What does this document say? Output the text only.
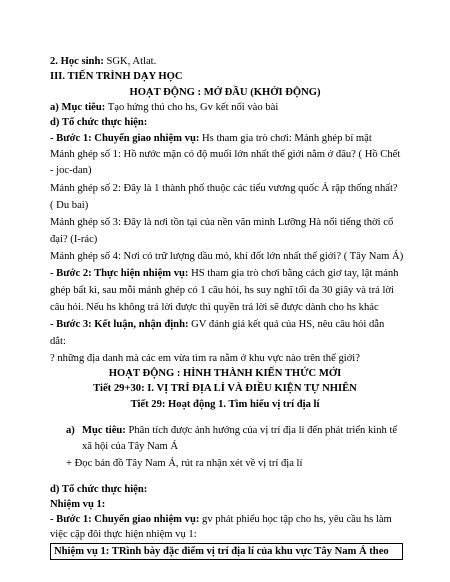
2. Học sinh: SGK, Atlat.
III. TIẾN TRÌNH DẠY HỌC
HOẠT ĐỘNG : MỞ ĐẦU (KHỞI ĐỘNG)
a) Mục tiêu: Tạo hứng thú cho hs, Gv kết nối vào bài
d) Tổ chức thực hiện:
- Bước 1: Chuyển giao nhiệm vụ: Hs tham gia trò chơi: Mảnh ghép bí mật
Mảnh ghép số 1: Hồ nước mặn có độ muối lớn nhất thế giới nằm ở đâu? ( Hồ Chết
- joc-dan)
Mảnh ghép số 2: Đây là 1 thành phố thuộc các tiểu vương quốc Ả rập thống nhất?
( Du bai)
Mảnh ghép số 3: Đây là nơi tồn tại của nền văn minh Lưỡng Hà nổi tiếng thời cổ
đại? (I-rác)
Mảnh ghép số 4: Nơi có trữ lượng dầu mỏ, khí đốt lớn nhất thế giới? ( Tây Nam Á)
- Bước 2: Thực hiện nhiệm vụ: HS tham gia trò chơi bằng cách giơ tay, lật mảnh
ghép bất kì, sau mỗi mảnh ghép có 1 câu hỏi, hs suy nghĩ tối đa 30 giây và trả lời
câu hỏi. Nếu hs không trả lời được thì quyền trả lời sẽ được dành cho hs khác
- Bước 3: Kết luận, nhận định: GV đánh giá kết quả của HS, nêu câu hỏi dẫn
dắt:
? những địa danh mà các em vừa tìm ra nằm ở khu vực nào trên thế giới?
HOẠT ĐỘNG : HÌNH THÀNH KIẾN THỨC MỚI
Tiết 29+30: I. VỊ TRÍ ĐỊA LÍ VÀ ĐIỀU KIỆN TỰ NHIÊN
Tiết 29: Hoạt động 1. Tìm hiểu vị trí địa lí
a) Mục tiêu: Phân tích được ảnh hưởng của vị trí địa lí đến phát triển kinh tế
xã hội của Tây Nam Á
+ Đọc bản đồ Tây Nam Á, rút ra nhận xét về vị trí địa lí
d) Tổ chức thực hiện:
Nhiệm vụ 1:
- Bước 1: Chuyển giao nhiệm vụ: gv phát phiếu học tập cho hs, yêu cầu hs làm
việc cặp đôi thực hiện nhiệm vụ 1:
Nhiệm vụ 1: TRình bày đặc điểm vị trí địa lí của khu vực Tây Nam Á theo
